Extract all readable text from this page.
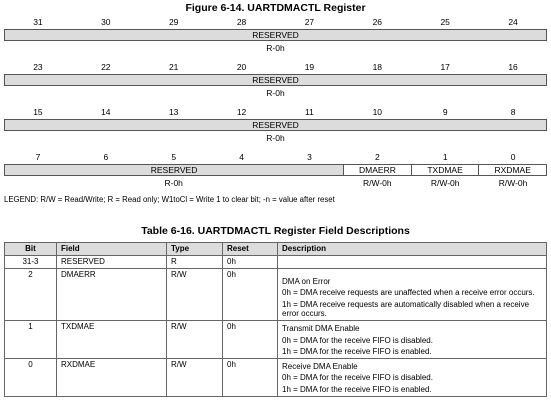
Figure 6-14. UARTDMACTL Register
31	30	29	28	27	26	25	24
RESERVED
R-0h
23	22	21	20	19	18	17	16
RESERVED
R-0h
15	14	13	12	11	10	9	8
RESERVED
R-0h
7	6	5	4	3	2	1	0
RESERVED	DMAERR	TXDMAE	RXDMAE
R-0h	R/W-0h	R/W-0h	R/W-0h
LEGEND: R/W = Read/Write; R = Read only; W1toCl = Write 1 to clear bit; -n = value after reset
Table 6-16. UARTDMACTL Register Field Descriptions
Bit	Field	Type	Reset	Description
31-3	RESERVED	R	0h	
2	DMAERR	R/W	0h	DMA on Error
0h = DMA receive requests are unaffected when a receive error occurs.
1h = DMA receive requests are automatically disabled when a receive error occurs.

1	TXDMAE	R/W	0h	Transmit DMA Enable
0h = DMA for the receive FIFO is disabled.
1h = DMA for the receive FIFO is enabled.

0	RXDMAE	R/W	0h	Receive DMA Enable
0h = DMA for the receive FIFO is disabled.
1h = DMA for the receive FIFO is enabled.
